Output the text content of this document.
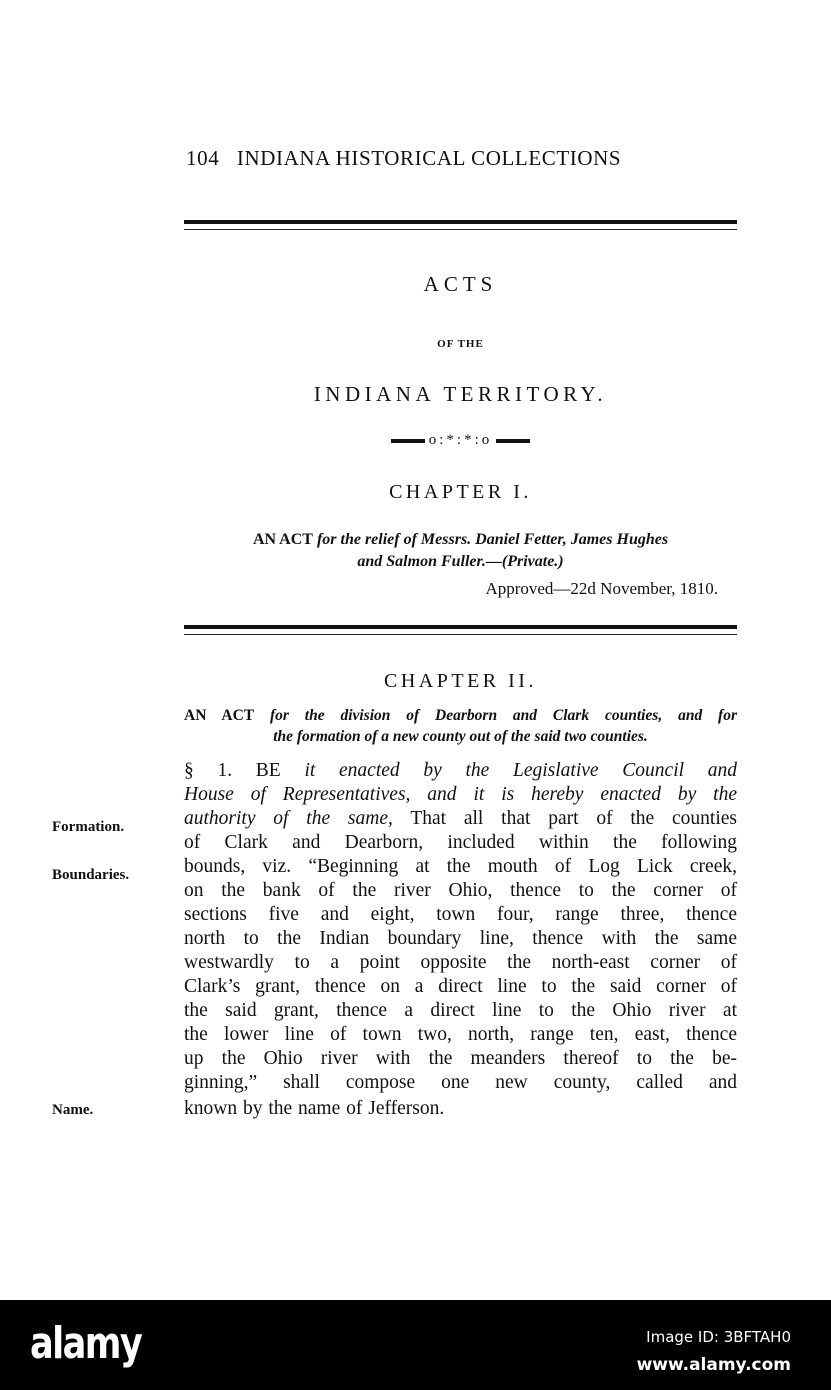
104 INDIANA HISTORICAL COLLECTIONS
ACTS
OF THE
INDIANA TERRITORY.
o:*:*:o
CHAPTER I.
AN ACT for the relief of Messrs. Daniel Fetter, James Hughes
and Salmon Fuller.—(Private.)
Approved—22d November, 1810.
CHAPTER II.
AN ACT for the division of Dearborn and Clark counties, and for
the formation of a new county out of the said two counties.
§ 1. BE it enacted by the Legislative Council and
House of Representatives, and it is hereby enacted by the
authority of the same, That all that part of the counties
of Clark and Dearborn, included within the following
bounds, viz. “Beginning at the mouth of Log Lick creek,
on the bank of the river Ohio, thence to the corner of
sections five and eight, town four, range three, thence
north to the Indian boundary line, thence with the same
westwardly to a point opposite the north-east corner of
Clark’s grant, thence on a direct line to the said corner of
the said grant, thence a direct line to the Ohio river at
the lower line of town two, north, range ten, east, thence
up the Ohio river with the meanders thereof to the be-
ginning,” shall compose one new county, called and
known by the name of Jefferson.
Formation.
Boundaries.
Name.
alamy	Image ID: 3BFTAH0
www.alamy.com
